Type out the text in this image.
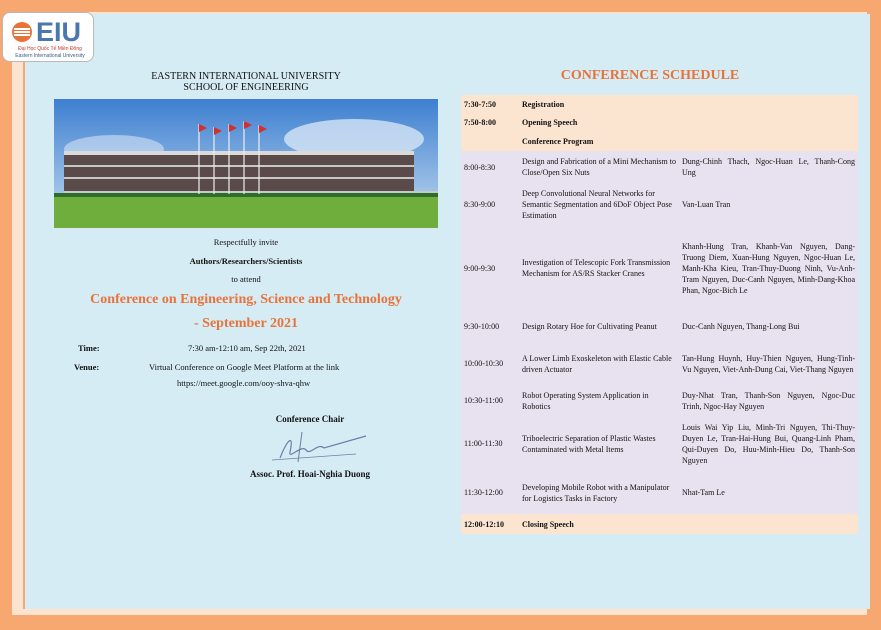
EIU
Đại Học Quốc Tế Miền Đông
Eastern International University
EASTERN INTERNATIONAL UNIVERSITY
SCHOOL OF ENGINEERING
Respectfully invite
Authors/Researchers/Scientists
to attend
Conference on Engineering, Science and Technology
- September 2021
Time:	7:30 am-12:10 am, Sep 22th, 2021
Venue:	Virtual Conference on Google Meet Platform at the link
https://meet.google.com/ooy-shva-qhw
Conference Chair
Assoc. Prof. Hoai-Nghia Duong
CONFERENCE SCHEDULE
7:30-7:50	Registration	
7:50-8:00	Opening Speech	
	Conference Program	
8:00-8:30	Design and Fabrication of a Mini Mechanism to Close/Open Six Nuts	Dung-Chinh Thach, Ngoc-Huan Le, Thanh-Cong Ung
8:30-9:00	Deep Convolutional Neural Networks for Semantic Segmentation and 6DoF Object Pose Estimation	Van-Luan Tran
9:00-9:30	Investigation of Telescopic Fork Transmission Mechanism for AS/RS Stacker Cranes	Khanh-Hung Tran, Khanh-Van Nguyen, Dang-Truong Diem, Xuan-Hung Nguyen, Ngoc-Huan Le, Manh-Kha Kieu, Tran-Thuy-Duong Ninh, Vu-Anh-Tram Nguyen, Duc-Canh Nguyen, Minh-Dang-Khoa Phan, Ngoc-Bich Le
9:30-10:00	Design Rotary Hoe for Cultivating Peanut	Duc-Canh Nguyen, Thang-Long Bui
10:00-10:30	A Lower Limb Exoskeleton with Elastic Cable driven Actuator	Tan-Hung Huynh, Huy-Thien Nguyen, Hung-Tinh-Vu Nguyen, Viet-Anh-Dung Cai, Viet-Thang Nguyen
10:30-11:00	Robot Operating System Application in Robotics	Duy-Nhat Tran, Thanh-Son Nguyen, Ngoc-Duc Trinh, Ngoc-Hay Nguyen
11:00-11:30	Triboelectric Separation of Plastic Wastes Contaminated with Metal Items	Louis Wai Yip Liu, Minh-Tri Nguyen, Thi-Thuy-Duyen Le, Tran-Hai-Hung Bui, Quang-Linh Pham, Qui-Duyen Do, Huu-Minh-Hieu Do, Thanh-Son Nguyen
11:30-12:00	Developing Mobile Robot with a Manipulator for Logistics Tasks in Factory	Nhat-Tam Le
12:00-12:10	Closing Speech	
